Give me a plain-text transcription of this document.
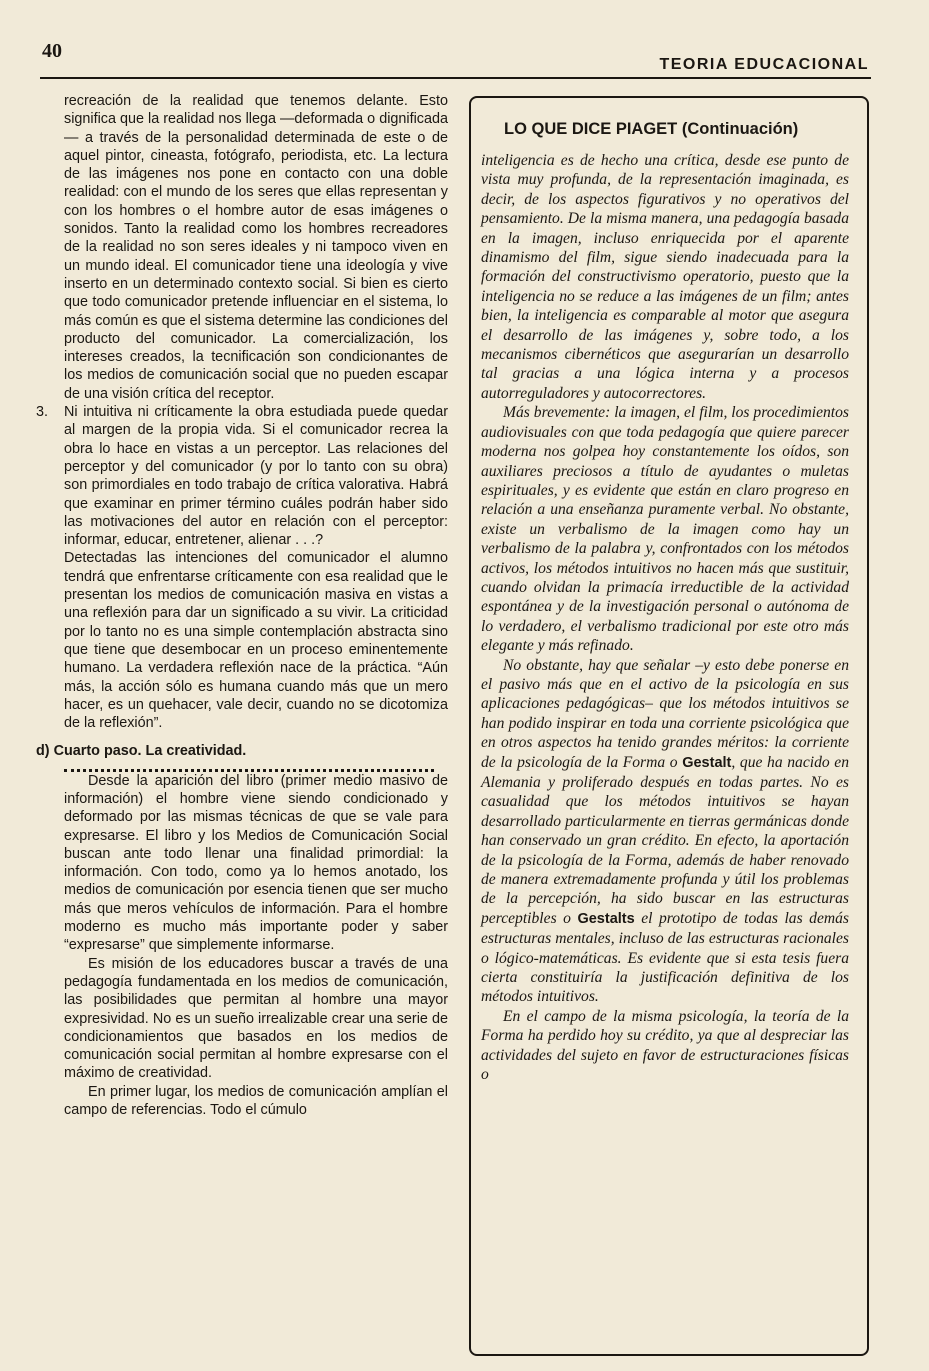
40
TEORIA EDUCACIONAL

recreación de la realidad que tenemos delante. Esto significa que la realidad nos llega —deformada o dignificada— a través de la personalidad determinada de este o de aquel pintor, cineasta, fotógrafo, periodista, etc. La lectura de las imágenes nos pone en contacto con una doble realidad: con el mundo de los seres que ellas representan y con los hombres o el hombre autor de esas imágenes o sonidos. Tanto la realidad como los hombres recreadores de la realidad no son seres ideales y ni tampoco viven en un mundo ideal. El comunicador tiene una ideología y vive inserto en un determinado contexto social. Si bien es cierto que todo comunicador pretende influenciar en el sistema, lo más común es que el sistema determine las condiciones del producto del comunicador. La comercialización, los intereses creados, la tecnificación son condicionantes de los medios de comunicación social que no pueden escapar de una visión crítica del receptor.

3. Ni intuitiva ni críticamente la obra estudiada puede quedar al margen de la propia vida. Si el comunicador recrea la obra lo hace en vistas a un perceptor. Las relaciones del perceptor y del comunicador (y por lo tanto con su obra) son primordiales en todo trabajo de crítica valorativa. Habrá que examinar en primer término cuáles podrán haber sido las motivaciones del autor en relación con el perceptor: informar, educar, entretener, alienar . . .?

Detectadas las intenciones del comunicador el alumno tendrá que enfrentarse críticamente con esa realidad que le presentan los medios de comunicación masiva en vistas a una reflexión para dar un significado a su vivir. La criticidad por lo tanto no es una simple contemplación abstracta sino que tiene que desembocar en un proceso eminentemente humano. La verdadera reflexión nace de la práctica. “Aún más, la acción sólo es humana cuando más que un mero hacer, es un quehacer, vale decir, cuando no se dicotomiza de la reflexión”.

d) Cuarto paso. La creatividad.

Desde la aparición del libro (primer medio masivo de información) el hombre viene siendo condicionado y deformado por las mismas técnicas de que se vale para expresarse. El libro y los Medios de Comunicación Social buscan ante todo llenar una finalidad primordial: la información. Con todo, como ya lo hemos anotado, los medios de comunicación por esencia tienen que ser mucho más que meros vehículos de información. Para el hombre moderno es mucho más importante poder y saber “expresarse” que simplemente informarse.

Es misión de los educadores buscar a través de una pedagogía fundamentada en los medios de comunicación, las posibilidades que permitan al hombre una mayor expresividad. No es un sueño irrealizable crear una serie de condicionamientos que basados en los medios de comunicación social permitan al hombre expresarse con el máximo de creatividad.

En primer lugar, los medios de comunicación amplían el campo de referencias. Todo el cúmulo

LO QUE DICE PIAGET (Continuación)

inteligencia es de hecho una crítica, desde ese punto de vista muy profunda, de la representación imaginada, es decir, de los aspectos figurativos y no operativos del pensamiento. De la misma manera, una pedagogía basada en la imagen, incluso enriquecida por el aparente dinamismo del film, sigue siendo inadecuada para la formación del constructivismo operatorio, puesto que la inteligencia no se reduce a las imágenes de un film; antes bien, la inteligencia es comparable al motor que asegura el desarrollo de las imágenes y, sobre todo, a los mecanismos cibernéticos que asegurarían un desarrollo tal gracias a una lógica interna y a procesos autorreguladores y autocorrectores.

Más brevemente: la imagen, el film, los procedimientos audiovisuales con que toda pedagogía que quiere parecer moderna nos golpea hoy constantemente los oídos, son auxiliares preciosos a título de ayudantes o muletas espirituales, y es evidente que están en claro progreso en relación a una enseñanza puramente verbal. No obstante, existe un verbalismo de la imagen como hay un verbalismo de la palabra y, confrontados con los métodos activos, los métodos intuitivos no hacen más que sustituir, cuando olvidan la primacía irreductible de la actividad espontánea y de la investigación personal o autónoma de lo verdadero, el verbalismo tradicional por este otro más elegante y más refinado.

No obstante, hay que señalar –y esto debe ponerse en el pasivo más que en el activo de la psicología en sus aplicaciones pedagógicas– que los métodos intuitivos se han podido inspirar en toda una corriente psicológica que en otros aspectos ha tenido grandes méritos: la corriente de la psicología de la Forma o Gestalt, que ha nacido en Alemania y proliferado después en todas partes. No es casualidad que los métodos intuitivos se hayan desarrollado particularmente en tierras germánicas donde han conservado un gran crédito. En efecto, la aportación de la psicología de la Forma, además de haber renovado de manera extremadamente profunda y útil los problemas de la percepción, ha sido buscar en las estructuras perceptibles o Gestalts el prototipo de todas las demás estructuras mentales, incluso de las estructuras racionales o lógico-matemáticas. Es evidente que si esta tesis fuera cierta constituiría la justificación definitiva de los métodos intuitivos.

En el campo de la misma psicología, la teoría de la Forma ha perdido hoy su crédito, ya que al despreciar las actividades del sujeto en favor de estructuraciones físicas o
